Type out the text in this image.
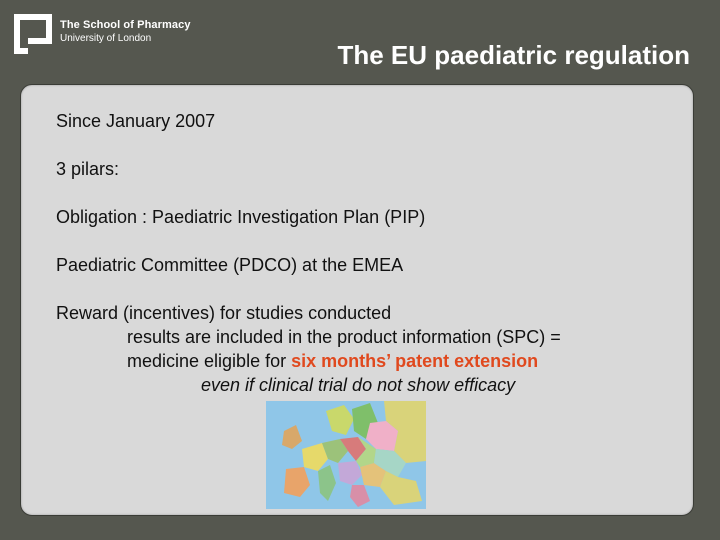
The School of Pharmacy
University of London
The EU paediatric regulation
Since January 2007
3 pilars:
Obligation : Paediatric Investigation Plan (PIP)
Paediatric Committee (PDCO) at the EMEA
Reward (incentives) for studies conducted
results are included in the product information (SPC) =
medicine eligible for six months’ patent extension
even if clinical trial do not show efficacy
